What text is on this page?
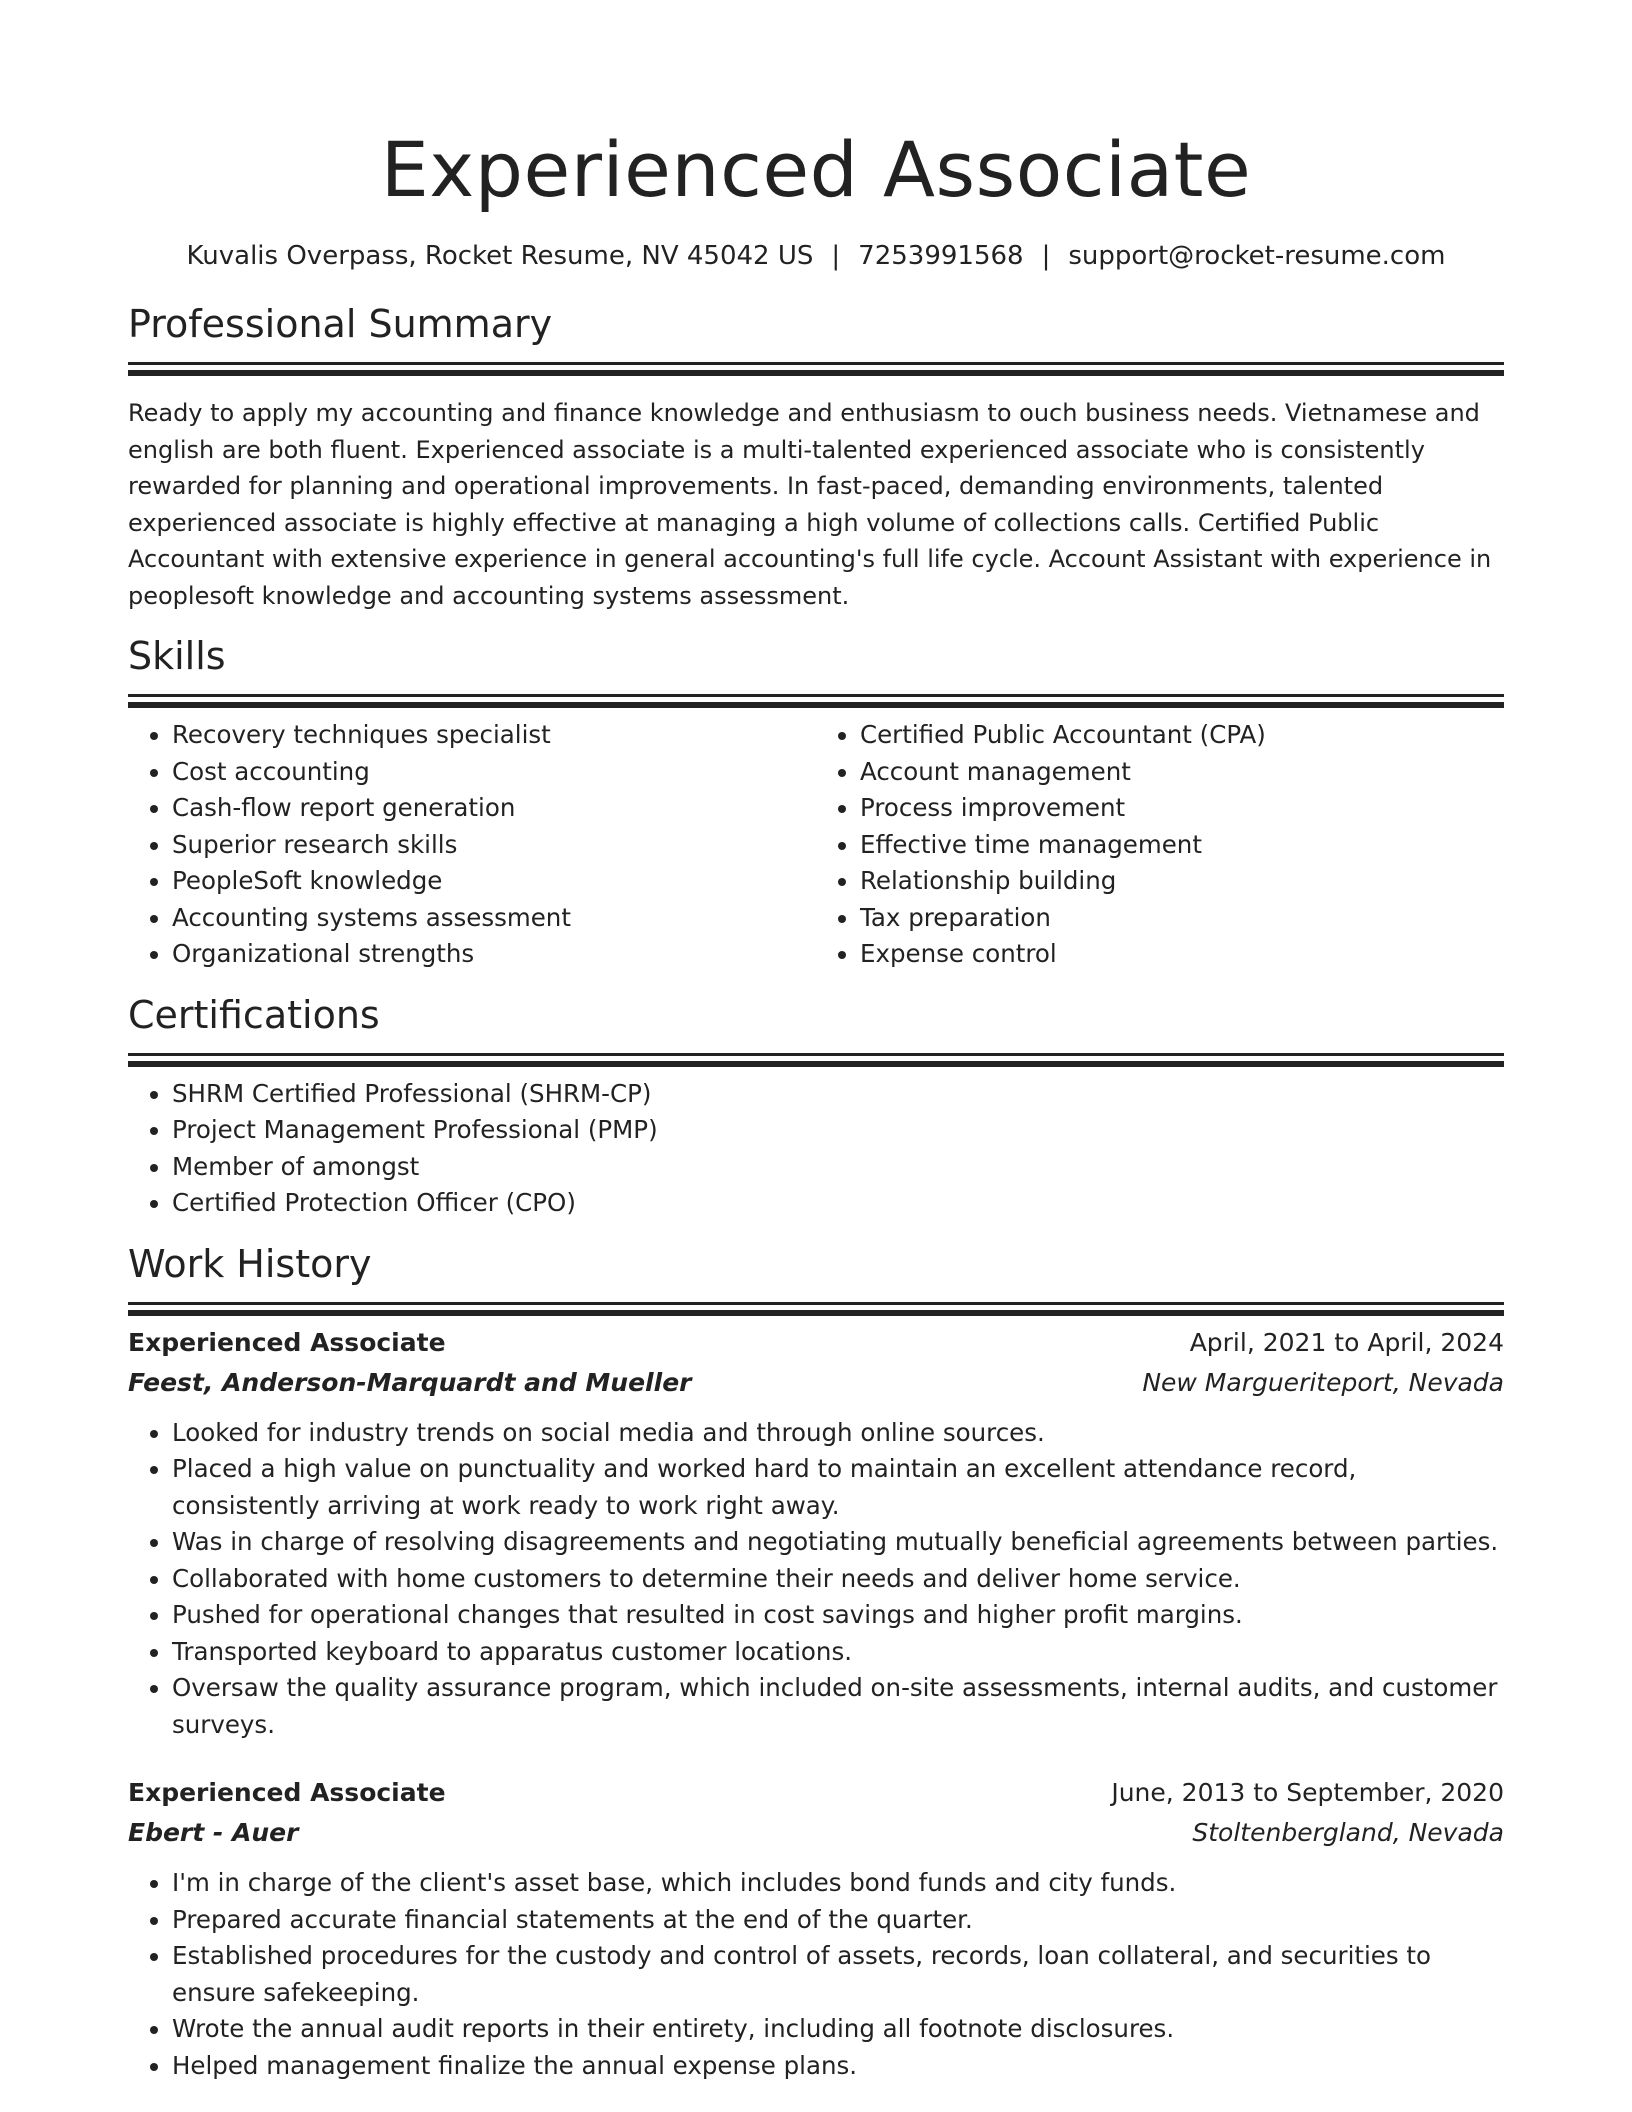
Experienced Associate
Kuvalis Overpass, Rocket Resume, NV 45042 US | 7253991568 | support@rocket-resume.com
Professional Summary
Ready to apply my accounting and finance knowledge and enthusiasm to ouch business needs. Vietnamese and english are both fluent. Experienced associate is a multi-talented experienced associate who is consistently rewarded for planning and operational improvements. In fast-paced, demanding environments, talented experienced associate is highly effective at managing a high volume of collections calls. Certified Public Accountant with extensive experience in general accounting's full life cycle. Account Assistant with experience in peoplesoft knowledge and accounting systems assessment.
Skills
• Recovery techniques specialist
• Cost accounting
• Cash-flow report generation
• Superior research skills
• PeopleSoft knowledge
• Accounting systems assessment
• Organizational strengths
• Certified Public Accountant (CPA)
• Account management
• Process improvement
• Effective time management
• Relationship building
• Tax preparation
• Expense control
Certifications
• SHRM Certified Professional (SHRM-CP)
• Project Management Professional (PMP)
• Member of amongst
• Certified Protection Officer (CPO)
Work History
Experienced Associate	April, 2021 to April, 2024
Feest, Anderson-Marquardt and Mueller	New Margueriteport, Nevada
• Looked for industry trends on social media and through online sources.
• Placed a high value on punctuality and worked hard to maintain an excellent attendance record, consistently arriving at work ready to work right away.
• Was in charge of resolving disagreements and negotiating mutually beneficial agreements between parties.
• Collaborated with home customers to determine their needs and deliver home service.
• Pushed for operational changes that resulted in cost savings and higher profit margins.
• Transported keyboard to apparatus customer locations.
• Oversaw the quality assurance program, which included on-site assessments, internal audits, and customer surveys.
Experienced Associate	June, 2013 to September, 2020
Ebert - Auer	Stoltenbergland, Nevada
• I'm in charge of the client's asset base, which includes bond funds and city funds.
• Prepared accurate financial statements at the end of the quarter.
• Established procedures for the custody and control of assets, records, loan collateral, and securities to ensure safekeeping.
• Wrote the annual audit reports in their entirety, including all footnote disclosures.
• Helped management finalize the annual expense plans.
